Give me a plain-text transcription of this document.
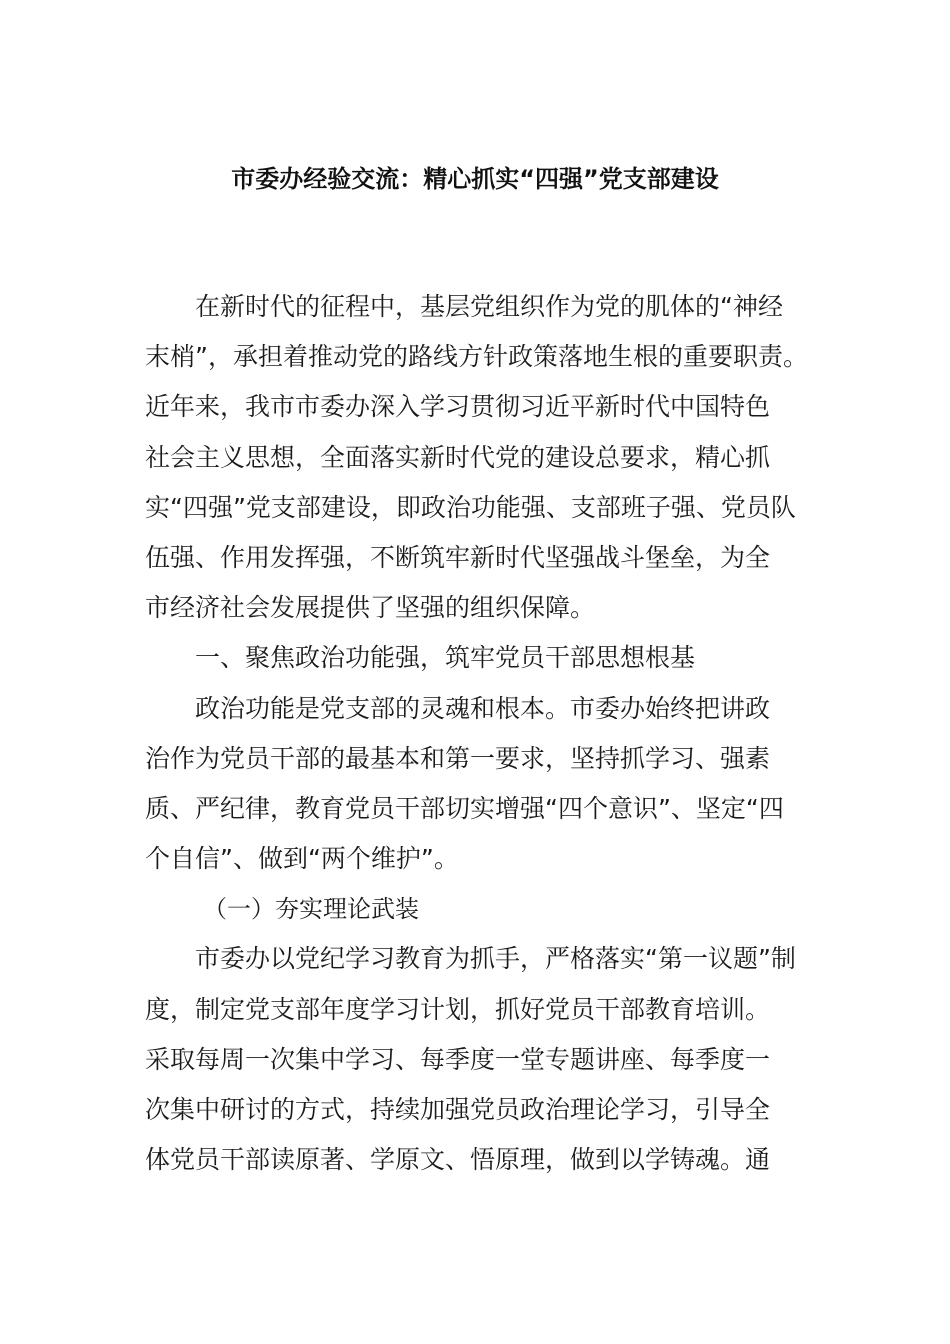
市委办经验交流：精心抓实“四强”党支部建设
在新时代的征程中，基层党组织作为党的肌体的“神经
末梢”，承担着推动党的路线方针政策落地生根的重要职责。
近年来，我市市委办深入学习贯彻习近平新时代中国特色
社会主义思想，全面落实新时代党的建设总要求，精心抓
实“四强”党支部建设，即政治功能强、支部班子强、党员队
伍强、作用发挥强，不断筑牢新时代坚强战斗堡垒，为全
市经济社会发展提供了坚强的组织保障。
一、聚焦政治功能强，筑牢党员干部思想根基
政治功能是党支部的灵魂和根本。市委办始终把讲政
治作为党员干部的最基本和第一要求，坚持抓学习、强素
质、严纪律，教育党员干部切实增强“四个意识”、坚定“四
个自信”、做到“两个维护”。
（一）夯实理论武装
市委办以党纪学习教育为抓手，严格落实“第一议题”制
度，制定党支部年度学习计划，抓好党员干部教育培训。
采取每周一次集中学习、每季度一堂专题讲座、每季度一
次集中研讨的方式，持续加强党员政治理论学习，引导全
体党员干部读原著、学原文、悟原理，做到以学铸魂。通
